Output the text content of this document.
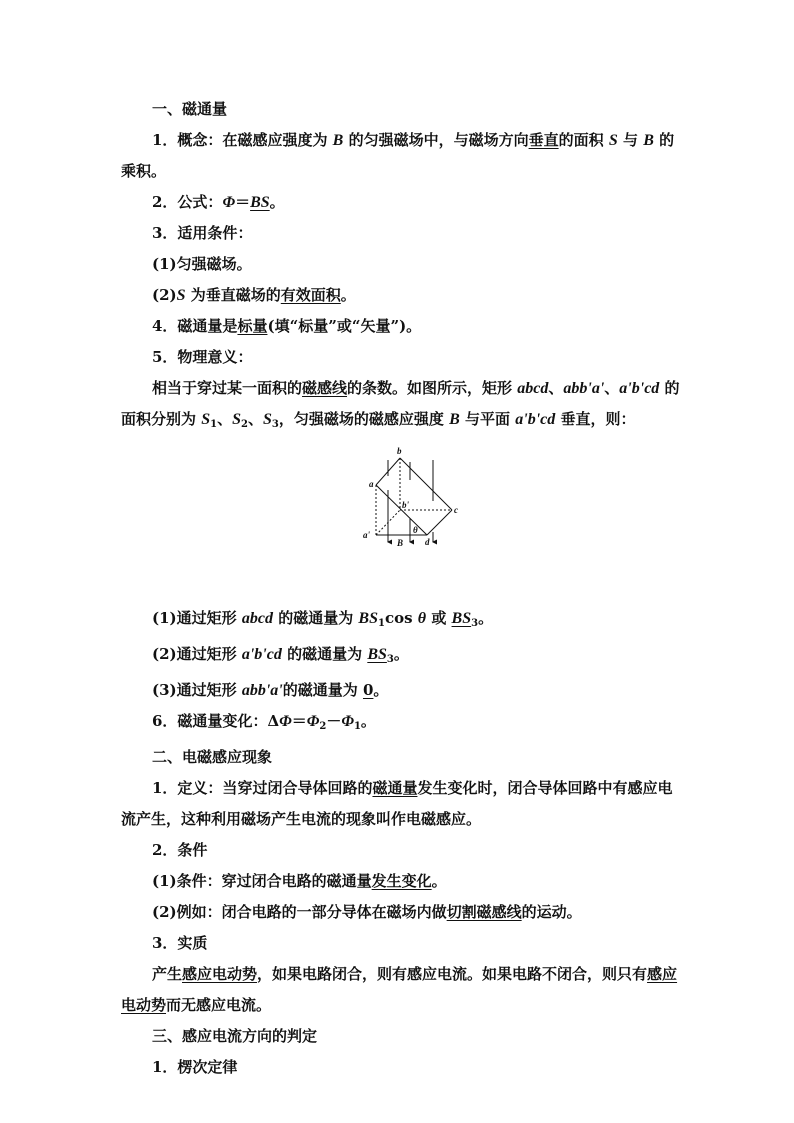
一、磁通量

1．概念：在磁感应强度为 B 的匀强磁场中，与磁场方向垂直的面积 S 与 B 的乘积。

2．公式：Φ＝BS。

3．适用条件：

(1)匀强磁场。

(2)S 为垂直磁场的有效面积。

4．磁通量是标量(填“标量”或“矢量”)。

5．物理意义：

相当于穿过某一面积的磁感线的条数。如图所示，矩形 abcd、abb'a'、a'b'cd 的面积分别为 $S_1$、$S_2$、$S_3$，匀强磁场的磁感应强度 B 与平面 a'b'cd 垂直，则：

b
a
c
d
b'
a'
B
θ

(1)通过矩形 abcd 的磁通量为 $BS_1\cos$ θ 或 $BS_3$。

(2)通过矩形 a'b'cd 的磁通量为 $BS_3$。

(3)通过矩形 abb'a'的磁通量为 0。

6．磁通量变化：$\Delta\Phi=\Phi_2-\Phi_1$。

二、电磁感应现象

1．定义：当穿过闭合导体回路的磁通量发生变化时，闭合导体回路中有感应电流产生，这种利用磁场产生电流的现象叫作电磁感应。

2．条件

(1)条件：穿过闭合电路的磁通量发生变化。

(2)例如：闭合电路的一部分导体在磁场内做切割磁感线的运动。

3．实质

产生感应电动势，如果电路闭合，则有感应电流。如果电路不闭合，则只有感应电动势而无感应电流。

三、感应电流方向的判定

1．楞次定律
